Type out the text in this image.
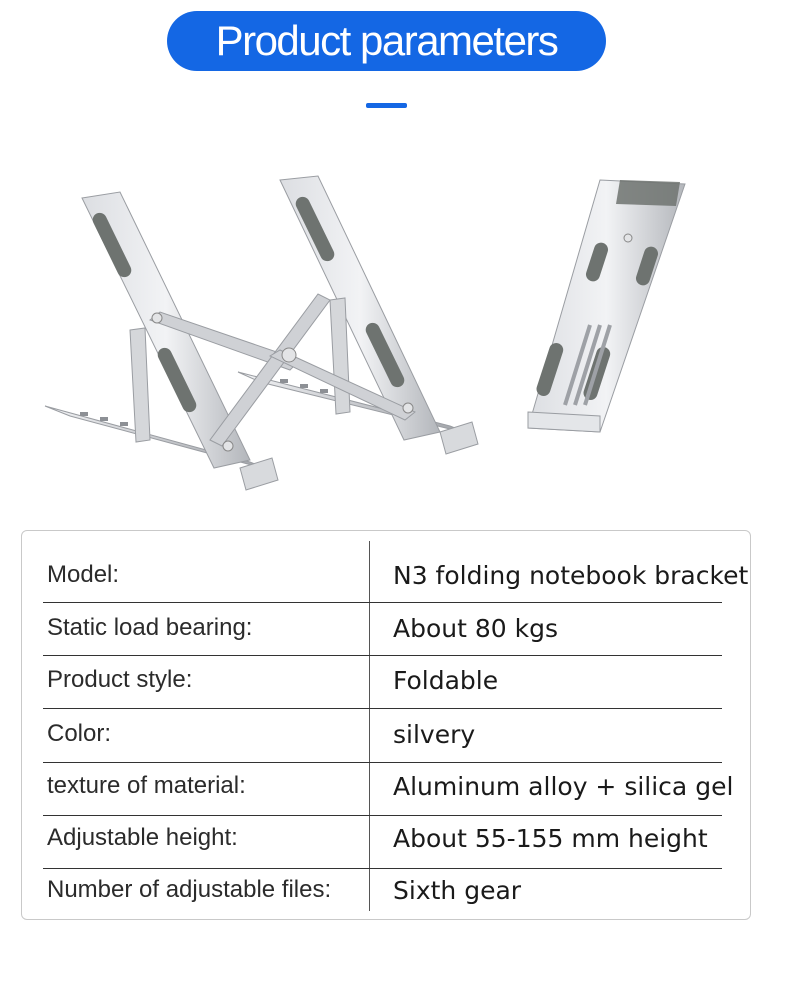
Product parameters
Model:	N3 folding notebook bracket
Static load bearing:	About 80 kgs
Product style:	Foldable
Color:	silvery
texture of material:	Aluminum alloy + silica gel
Adjustable height:	About 55-155 mm height
Number of adjustable files: Sixth gear
